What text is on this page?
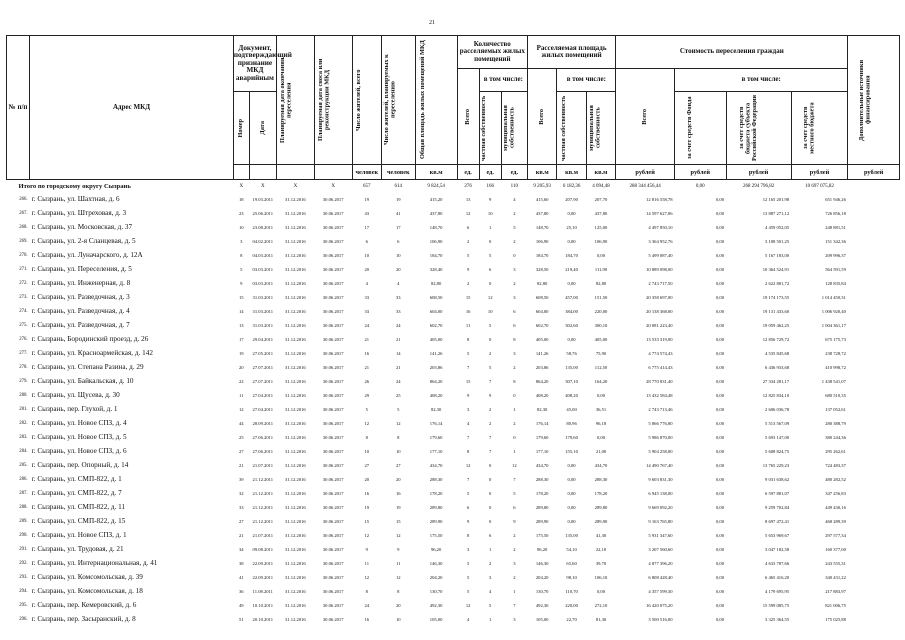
21
№ п/п	Адрес МКД	Документ, подтверждающий признание МКД аварийным		Планируемая дата окончания переселения	Планируемая дата сноса или реконструкции МКД	Число жителей, всего	Число жителей, планируемых к переселению	Общая площадь жилых помещений МКД	Количество расселяемых жилых помещений			Расселяемая площадь жилых помещений			Стоимость переселения граждан				Дополнительные источники финансирования

									Всего	в том числе:		Всего	в том числе:		Всего	в том числе:			

		Номер	Дата							частная собственность	муниципальная собственность		частная собственность	муниципальная собственность		за счет средств Фонда	за счет средств бюджета субъекта Российской Федерации	за счет средств местного бюджета	

						человек	человек	кв.м	ед.	ед.	ед.	кв.м	кв.м	кв.м	рублей	рублей	рублей	рублей	рублей
Итого по городскому округу Сызрань		X	X	X	X	657	614	9 824,54	276	166	110	9 205,93	6 182,36	4 094,48	288 344 456,44	0,00	268 294 796,82	10 697 075,82	
266.	г. Сызрань, ул. Шахтная, д. 6	18	19.03.2011	31.12.2016	30.06.2017	19	19	415,20	13	9	4	415,60	207,90	207,70	12 816 558,78	0,00	12 165 201,98	651 946,26	
267.	г. Сызрань, ул. Штреховая, д. 3	23	25.06.2011	31.12.2016	30.06.2017	43	41	437,80	12	10	2	437,80	0,00	437,80	14 597 627,06	0,00	13 887 271,12	726 856,18	
268.	г. Сызрань, ул. Московская, д. 37	10	23.08.2011	31.12.2016	30.06.2017	17	17	148,70	6	1	5	148,70	25,10	125,00	4 497 850,10	0,00	4 459 052,05	248 881,51	
269.	г. Сызрань, ул. 2-я Сланцевая, д. 5	3	04.02.2011	31.12.2016	30.06.2017	6	6	106,90	2	0	2	106,90	0,00	106,90	3 364 952,76	0,00	3 108 501,25	151 342,36	
270.	г. Сызрань, ул. Луначарского, д. 12А	8	04.03.2011	31.12.2016	30.06.2017	10	10	184,70	5	5	0	184,70	184,70	0,00	5 499 087,40	0,00	5 167 183,00	209 996,37	
271.	г. Сызрань, ул. Переселения, д. 5	5	03.03.2011	31.12.2016	30.06.2017	20	20	328,40	9	6	3	328,50	219,40	111,90	10 889 098,00	0,00	10 364 524,91	564 591,59	
272.	г. Сызрань, ул. Инженерная, д. 8	9	03.03.2011	31.12.2016	30.06.2017	4	4	82,80	2	0	2	82,80	0,00	82,80	2 743 717,50	0,00	2 622 881,72	128 835,84	
273.	г. Сызрань, ул. Разведочная, д. 3	15	31.03.2011	31.12.2016	30.06.2017	33	33	608,50	15	12	3	608,50	457,00	151,50	20 358 697,00	0,00	19 174 173,55	1 014 450,31	
274.	г. Сызрань, ул. Разведочная, д. 4	14	31.03.2011	31.12.2016	30.06.2017	33	33	604,00	16	10	6	604,00	384,00	220,00	20 138 368,00	0,00	19 131 433,60	1 006 920,40	
275.	г. Сызрань, ул. Разведочная, д. 7	13	31.03.2011	31.12.2016	30.06.2017	24	24	602,70	11	5	6	602,70	302,60	300,10	20 081 223,40	0,00	19 059 462,25	1 004 361,17	
276.	г. Сызрань, Бородинский проезд, д. 26	17	29.04.2011	31.12.2016	30.06.2017	21	21	405,00	8	0	8	405,00	0,00	405,00	13 533 319,00	0,00	12 856 729,72	675 175,73	
277.	г. Сызрань, ул. Красноармейская, д. 142	19	27.05.2011	31.12.2016	30.06.2017	16	14	141,26	5	2	3	141,26	58,76	75,90	4 774 574,43	0,00	4 535 845,68	238 728,72	
278.	г. Сызрань, ул. Степана Разина, д. 29	20	27.07.2011	31.12.2016	30.06.2017	21	21	203,86	7	5	2	203,86	135,00	112,50	6 775 414,43	0,00	6 436 933,68	410 998,72	
279.	г. Сызрань, ул. Байкальская, д. 10	22	27.07.2011	31.12.2016	30.06.2017	26	24	864,20	15	7	8	864,20	307,10	164,20	28 770 831,40	0,00	27 334 281,17	1 438 541,07	
280.	г. Сызрань, ул. Щусева, д. 30	11	27.04.2011	31.12.2016	30.06.2017	29	25	408,20	9	9	0	408,20	408,20	0,00	13 432 584,48	0,00	12 825 834,10	680 510,35	
281.	г. Сызрань, пер. Глухой, д. 1	12	27.04.2011	31.12.2016	30.06.2017	5	5	82,30	3	2	1	82,30	45,00	36,51	2 743 713,46	0,00	2 606 036,78	137 052,61	
282.	г. Сызрань, ул. Новое СПЗ, д. 4	44	28.09.2011	31.12.2016	30.06.2017	12	12	176,14	4	2	2	176,14	80,96	96,18	5 866 776,80	0,00	5 513 567,09	280 388,79	
283.	г. Сызрань, ул. Новое СПЗ, д. 5	25	27.06.2011	31.12.2016	30.06.2017	8	8	179,60	7	7	0	179,60	179,60	0,00	5 986 870,00	0,00	5 693 147,00	380 244,36	
284.	г. Сызрань, ул. Новое СПЗ, д. 6	27	27.06.2011	31.12.2016	30.06.2017	10	10	177,10	8	7	1	177,10	155,10	21,00	5 904 258,00	0,00	5 608 824,75	295 262,61	
285.	г. Сызрань, пер. Опорный, д. 14	21	21.07.2011	31.12.2016	30.06.2017	27	27	434,70	12	0	12	434,70	0,00	434,70	14 490 767,40	0,00	13 765 229,23	724 483,37	
286.	г. Сызрань, ул. СМП-822, д. 1	39	21.12.2011	31.12.2016	30.06.2017	20	20	288,30	7	0	7	288,30	0,00	288,30	9 603 831,30	0,00	9 031 638,62	480 282,52	
287.	г. Сызрань, ул. СМП-822, д. 7	32	21.12.2011	31.12.2016	30.06.2017	16	16	178,20	5	0	5	178,20	0,00	178,20	6 945 138,00	0,00	6 597 881,07	347 256,83	
288.	г. Сызрань, ул. СМП-822, д. 11	33	21.12.2011	31.12.2016	30.06.2017	19	19	289,80	6	0	6	289,80	0,00	289,80	9 669 092,20	0,00	9 259 702,84	449 430,16	
289.	г. Сызрань, ул. СМП-822, д. 15	27	21.12.2011	31.12.2016	30.06.2017	15	15	289,90	9	0	9	289,90	0,00	289,90	9 163 765,80	0,00	8 697 472,41	468 289,39	
290.	г. Сызрань, ул. Новое СПЗ, д. 1	21	21.07.2011	31.12.2016	30.06.2017	12	12	175,50	8	6	2	175,50	135,00	41,30	5 931 347,60	0,00	5 653 969,67	297 577,34	
291.	г. Сызрань, ул. Трудовая, д. 21	34	09.08.2011	31.12.2016	30.06.2017	9	9	96,20	3	1	2	96,20	54,10	22,10	3 207 560,60	0,00	3 047 182,58	160 377,00	
292.	г. Сызрань, ул. Интернациональная, д. 41	38	22.09.2011	31.12.2016	30.06.2017	11	11	146,30	5	2	3	146,30	65,60	39,70	4 877 396,20	0,00	4 633 787,66	243 555,31	
293.	г. Сызрань, ул. Комсомольская, д. 39	41	22.09.2011	31.12.2016	30.06.2017	12	12	204,20	5	3	2	204,20	98,10	106,10	6 808 428,40	0,00	6 465 416,20	340 431,22	
294.	г. Сызрань, ул. Комсомольская, д. 18	36	11.08.2011	31.12.2016	30.06.2017	8	8	130,70	5	4	1	130,70	110,70	0,00	4 357 599,30	0,00	4 179 695,95	217 883,97	
295.	г. Сызрань, пер. Кемеровский, д. 6	49	10.10.2011	31.12.2016	30.06.2017	24	20	492,30	12	5	7	492,30	220,00	272,10	16 420 075,20	0,00	15 599 085,75	821 006,75	
296.	г. Сызрань, пер. Засыранский, д. 8	51	20.10.2011	31.12.2016	30.06.2017	16	10	105,00	4	1	3	105,00	22,70	81,30	3 500 516,00	0,00	3 325 364,55	175 025,88	
